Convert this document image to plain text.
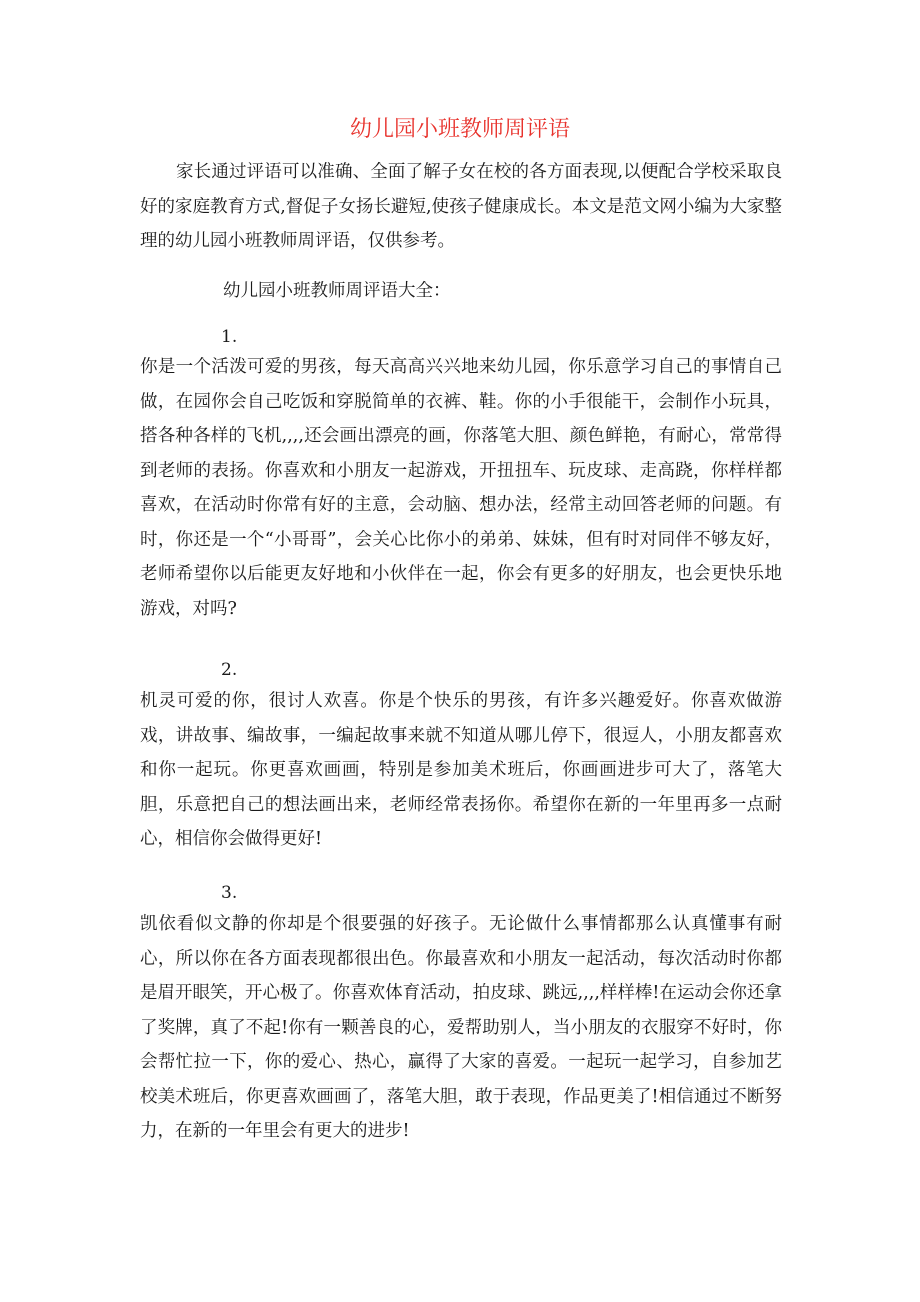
幼儿园小班教师周评语

家长通过评语可以准确、全面了解子女在校的各方面表现,以便配合学校采取良好的家庭教育方式,督促子女扬长避短,使孩子健康成长。本文是范文网小编为大家整理的幼儿园小班教师周评语，仅供参考。

幼儿园小班教师周评语大全：

1.

你是一个活泼可爱的男孩，每天高高兴兴地来幼儿园，你乐意学习自己的事情自己做，在园你会自己吃饭和穿脱简单的衣裤、鞋。你的小手很能干，会制作小玩具，搭各种各样的飞机,,,,还会画出漂亮的画，你落笔大胆、颜色鲜艳，有耐心，常常得到老师的表扬。你喜欢和小朋友一起游戏，开扭扭车、玩皮球、走高跷，你样样都喜欢，在活动时你常有好的主意，会动脑、想办法，经常主动回答老师的问题。有时，你还是一个“小哥哥”，会关心比你小的弟弟、妹妹，但有时对同伴不够友好，老师希望你以后能更友好地和小伙伴在一起，你会有更多的好朋友，也会更快乐地游戏，对吗?

2.

机灵可爱的你，很讨人欢喜。你是个快乐的男孩，有许多兴趣爱好。你喜欢做游戏，讲故事、编故事，一编起故事来就不知道从哪儿停下，很逗人，小朋友都喜欢和你一起玩。你更喜欢画画，特别是参加美术班后，你画画进步可大了，落笔大胆，乐意把自己的想法画出来，老师经常表扬你。希望你在新的一年里再多一点耐心，相信你会做得更好!

3.

凯依看似文静的你却是个很要强的好孩子。无论做什么事情都那么认真懂事有耐心，所以你在各方面表现都很出色。你最喜欢和小朋友一起活动，每次活动时你都是眉开眼笑，开心极了。你喜欢体育活动，拍皮球、跳远,,,,样样棒!在运动会你还拿了奖牌，真了不起!你有一颗善良的心，爱帮助别人，当小朋友的衣服穿不好时，你会帮忙拉一下，你的爱心、热心，赢得了大家的喜爱。一起玩一起学习，自参加艺校美术班后，你更喜欢画画了，落笔大胆，敢于表现，作品更美了!相信通过不断努力，在新的一年里会有更大的进步!
